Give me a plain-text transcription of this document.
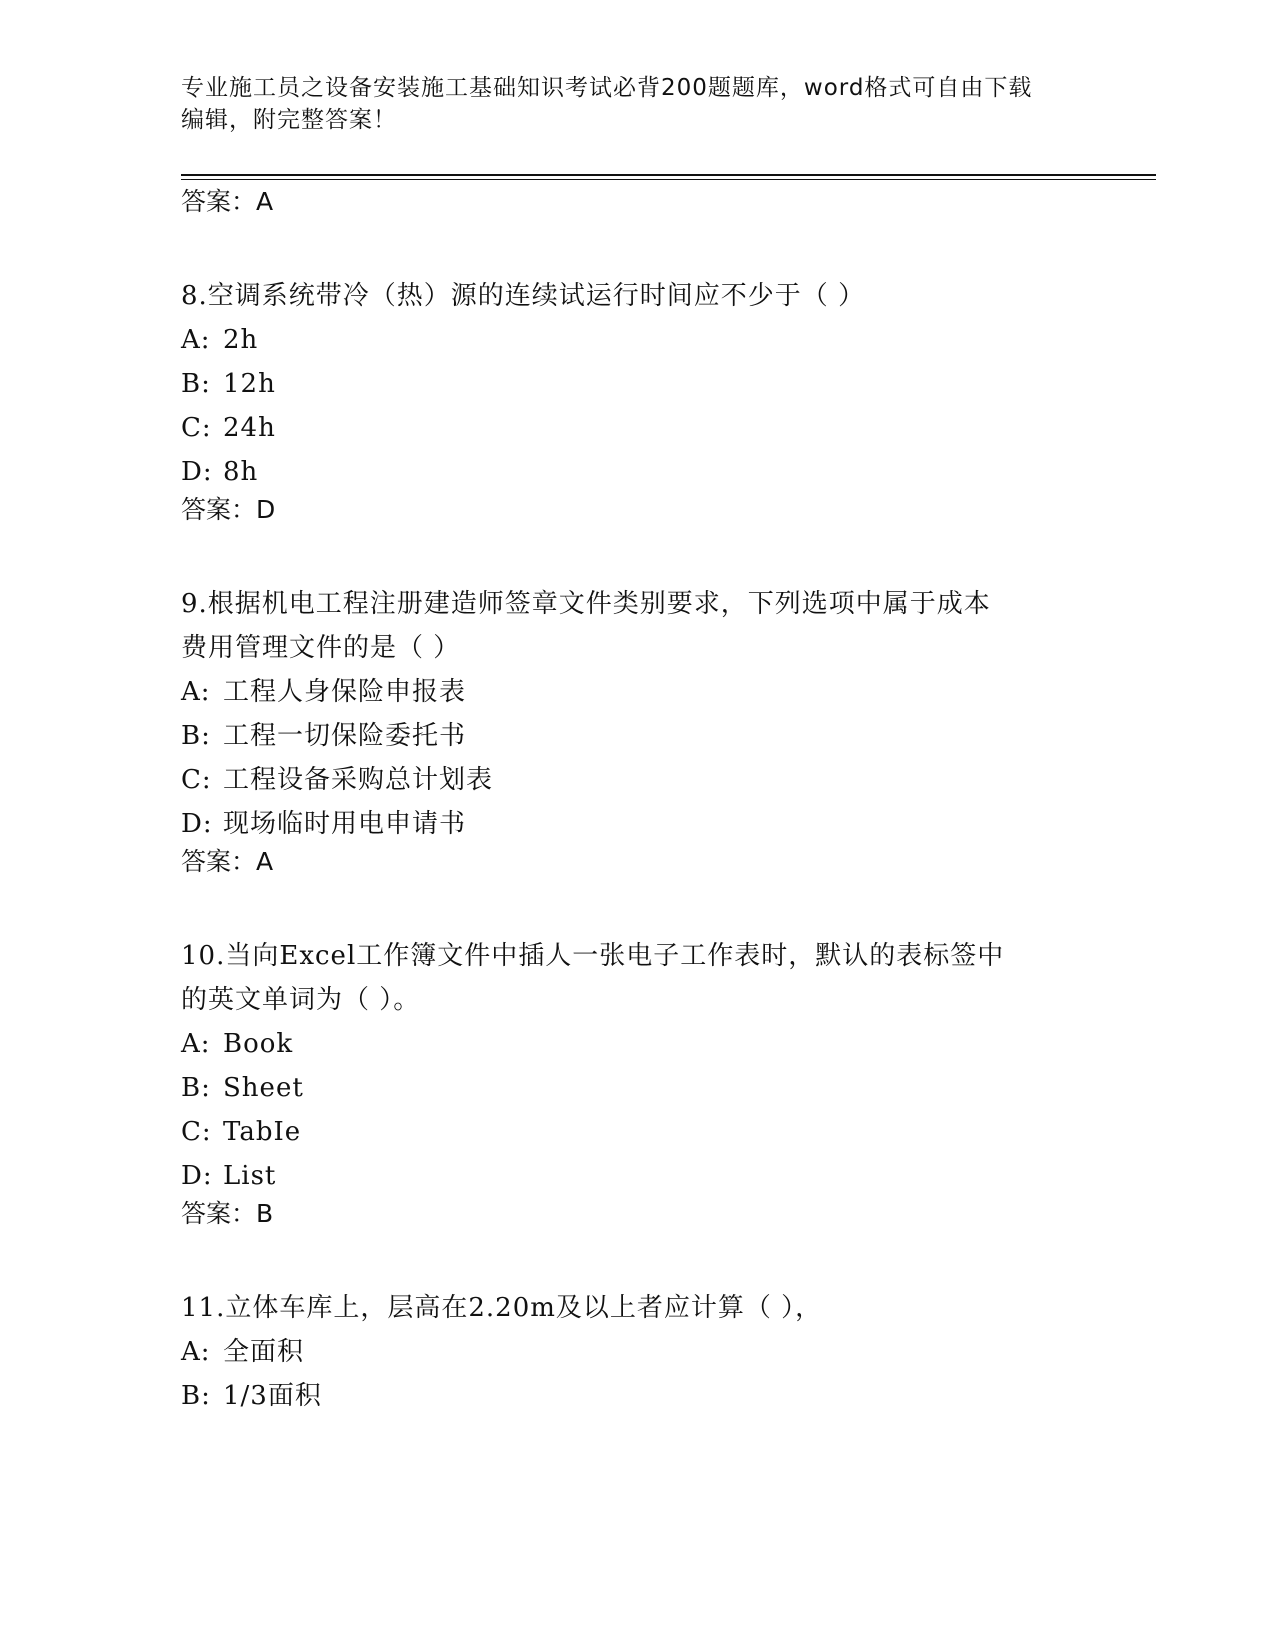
专业施工员之设备安装施工基础知识考试必背200题题库，word格式可自由下载
编辑，附完整答案！
答案：A
8.空调系统带冷（热）源的连续试运行时间应不少于（ ）
A: 2h
B: 12h
C: 24h
D: 8h
答案：D
9.根据机电工程注册建造师签章文件类别要求，下列选项中属于成本
费用管理文件的是（ ）
A: 工程人身保险申报表
B: 工程一切保险委托书
C: 工程设备采购总计划表
D: 现场临时用电申请书
答案：A
10.当向Excel工作簿文件中插人一张电子工作表时，默认的表标签中
的英文单词为（ ）。
A: Book
B: Sheet
C: TabIe
D: List
答案：B
11.立体车库上，层高在2.20m及以上者应计算（ ），
A: 全面积
B: 1/3面积
